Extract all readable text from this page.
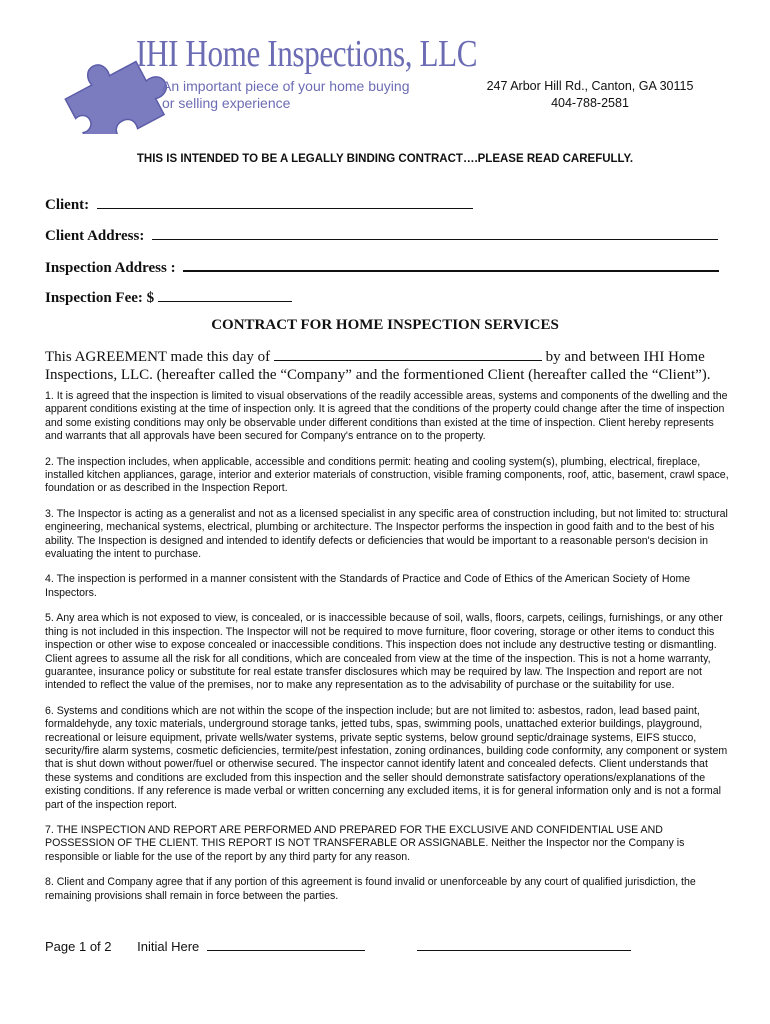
IHI Home Inspections, LLC
An important piece of your home buying
or selling experience
247 Arbor Hill Rd., Canton, GA 30115
404-788-2581
THIS IS INTENDED TO BE A LEGALLY BINDING CONTRACT….PLEASE READ CAREFULLY.
Client:
Client Address:
Inspection Address :
Inspection Fee: $
CONTRACT FOR HOME INSPECTION SERVICES
This AGREEMENT made this day of	by and between IHI Home Inspections, LLC. (hereafter called the “Company” and the formentioned Client (hereafter called the “Client”).

1. It is agreed that the inspection is limited to visual observations of the readily accessible areas, systems and components of the dwelling and the apparent conditions existing at the time of inspection only. It is agreed that the conditions of the property could change after the time of inspection and some existing conditions may only be observable under different conditions than existed at the time of inspection. Client hereby represents and warrants that all approvals have been secured for Company's entrance on to the property.

2. The inspection includes, when applicable, accessible and conditions permit: heating and cooling system(s), plumbing, electrical, fireplace, installed kitchen appliances, garage, interior and exterior materials of construction, visible framing components, roof, attic, basement, crawl space, foundation or as described in the Inspection Report.

3. The Inspector is acting as a generalist and not as a licensed specialist in any specific area of construction including, but not limited to: structural engineering, mechanical systems, electrical, plumbing or architecture. The Inspector performs the inspection in good faith and to the best of his ability. The Inspection is designed and intended to identify defects or deficiencies that would be important to a reasonable person's decision in evaluating the intent to purchase.

4. The inspection is performed in a manner consistent with the Standards of Practice and Code of Ethics of the American Society of Home Inspectors.

5. Any area which is not exposed to view, is concealed, or is inaccessible because of soil, walls, floors, carpets, ceilings, furnishings, or any other thing is not included in this inspection. The Inspector will not be required to move furniture, floor covering, storage or other items to conduct this inspection or other wise to expose concealed or inaccessible conditions. This inspection does not include any destructive testing or dismantling. Client agrees to assume all the risk for all conditions, which are concealed from view at the time of the inspection. This is not a home warranty, guarantee, insurance policy or substitute for real estate transfer disclosures which may be required by law. The Inspection and report are not intended to reflect the value of the premises, nor to make any representation as to the advisability of purchase or the suitability for use.

6. Systems and conditions which are not within the scope of the inspection include; but are not limited to: asbestos, radon, lead based paint, formaldehyde, any toxic materials, underground storage tanks, jetted tubs, spas, swimming pools, unattached exterior buildings, playground, recreational or leisure equipment, private wells/water systems, private septic systems, below ground septic/drainage systems, EIFS stucco, security/fire alarm systems, cosmetic deficiencies, termite/pest infestation, zoning ordinances, building code conformity, any component or system that is shut down without power/fuel or otherwise secured. The inspector cannot identify latent and concealed defects. Client understands that these systems and conditions are excluded from this inspection and the seller should demonstrate satisfactory operations/explanations of the existing conditions. If any reference is made verbal or written concerning any excluded items, it is for general information only and is not a formal part of the inspection report.

7. THE INSPECTION AND REPORT ARE PERFORMED AND PREPARED FOR THE EXCLUSIVE AND CONFIDENTIAL USE AND POSSESSION OF THE CLIENT. THIS REPORT IS NOT TRANSFERABLE OR ASSIGNABLE. Neither the Inspector nor the Company is responsible or liable for the use of the report by any third party for any reason.

8. Client and Company agree that if any portion of this agreement is found invalid or unenforceable by any court of qualified jurisdiction, the remaining provisions shall remain in force between the parties.

Page 1 of 2 Initial Here
